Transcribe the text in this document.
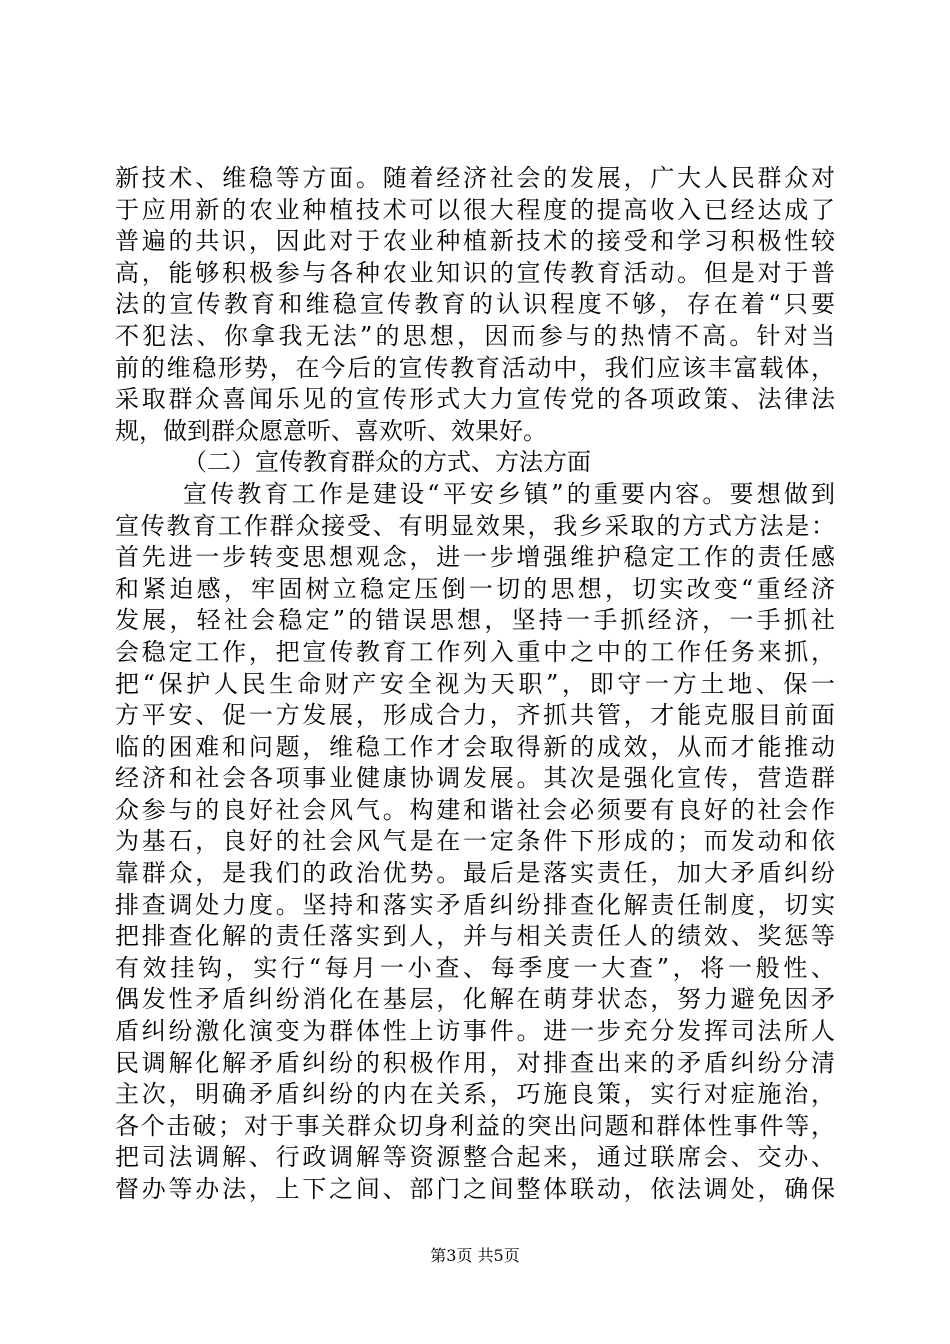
新技术、维稳等方面。随着经济社会的发展，广大人民群众对
于应用新的农业种植技术可以很大程度的提高收入已经达成了
普遍的共识，因此对于农业种植新技术的接受和学习积极性较
高，能够积极参与各种农业知识的宣传教育活动。但是对于普
法的宣传教育和维稳宣传教育的认识程度不够，存在着“只要
不犯法、你拿我无法”的思想，因而参与的热情不高。针对当
前的维稳形势，在今后的宣传教育活动中，我们应该丰富载体，
采取群众喜闻乐见的宣传形式大力宣传党的各项政策、法律法
规，做到群众愿意听、喜欢听、效果好。
（二）宣传教育群众的方式、方法方面
宣传教育工作是建设“平安乡镇”的重要内容。要想做到
宣传教育工作群众接受、有明显效果，我乡采取的方式方法是：
首先进一步转变思想观念，进一步增强维护稳定工作的责任感
和紧迫感，牢固树立稳定压倒一切的思想，切实改变“重经济
发展，轻社会稳定”的错误思想，坚持一手抓经济，一手抓社
会稳定工作，把宣传教育工作列入重中之中的工作任务来抓，
把“保护人民生命财产安全视为天职”，即守一方土地、保一
方平安、促一方发展，形成合力，齐抓共管，才能克服目前面
临的困难和问题，维稳工作才会取得新的成效，从而才能推动
经济和社会各项事业健康协调发展。其次是强化宣传，营造群
众参与的良好社会风气。构建和谐社会必须要有良好的社会作
为基石，良好的社会风气是在一定条件下形成的；而发动和依
靠群众，是我们的政治优势。最后是落实责任，加大矛盾纠纷
排查调处力度。坚持和落实矛盾纠纷排查化解责任制度，切实
把排查化解的责任落实到人，并与相关责任人的绩效、奖惩等
有效挂钩，实行“每月一小查、每季度一大查”，将一般性、
偶发性矛盾纠纷消化在基层，化解在萌芽状态，努力避免因矛
盾纠纷激化演变为群体性上访事件。进一步充分发挥司法所人
民调解化解矛盾纠纷的积极作用，对排查出来的矛盾纠纷分清
主次，明确矛盾纠纷的内在关系，巧施良策，实行对症施治，
各个击破；对于事关群众切身利益的突出问题和群体性事件等，
把司法调解、行政调解等资源整合起来，通过联席会、交办、
督办等办法，上下之间、部门之间整体联动，依法调处，确保
第3页 共5页
